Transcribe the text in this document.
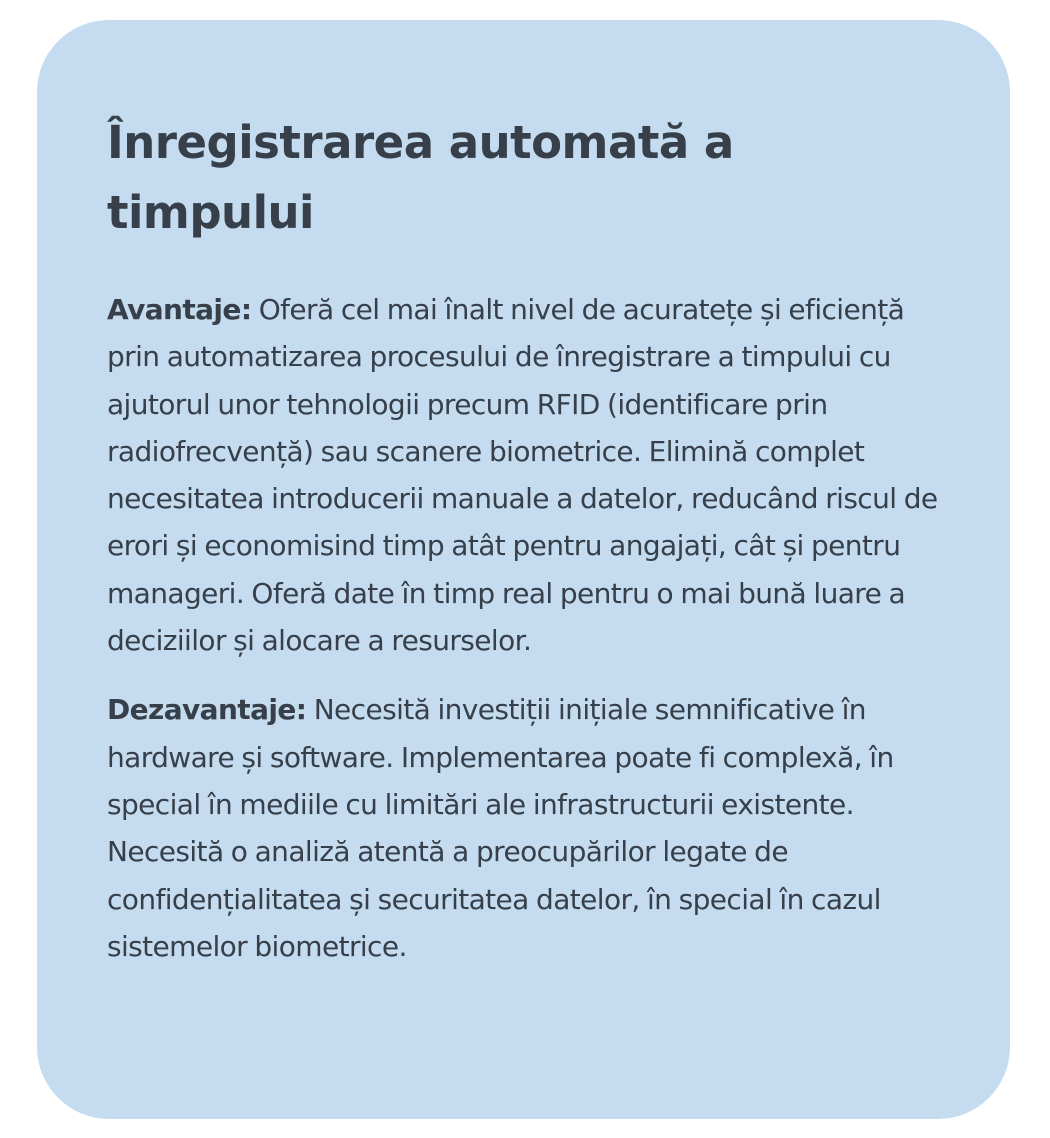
Înregistrarea automată a timpului

Avantaje: Oferă cel mai înalt nivel de acuratețe și eficiență prin automatizarea procesului de înregistrare a timpului cu ajutorul unor tehnologii precum RFID (identificare prin radiofrecvență) sau scanere biometrice. Elimină complet necesitatea introducerii manuale a datelor, reducând riscul de erori și economisind timp atât pentru angajați, cât și pentru manageri. Oferă date în timp real pentru o mai bună luare a deciziilor și alocare a resurselor.

Dezavantaje: Necesită investiții inițiale semnificative în hardware și software. Implementarea poate fi complexă, în special în mediile cu limitări ale infrastructurii existente. Necesită o analiză atentă a preocupărilor legate de confidențialitatea și securitatea datelor, în special în cazul sistemelor biometrice.
